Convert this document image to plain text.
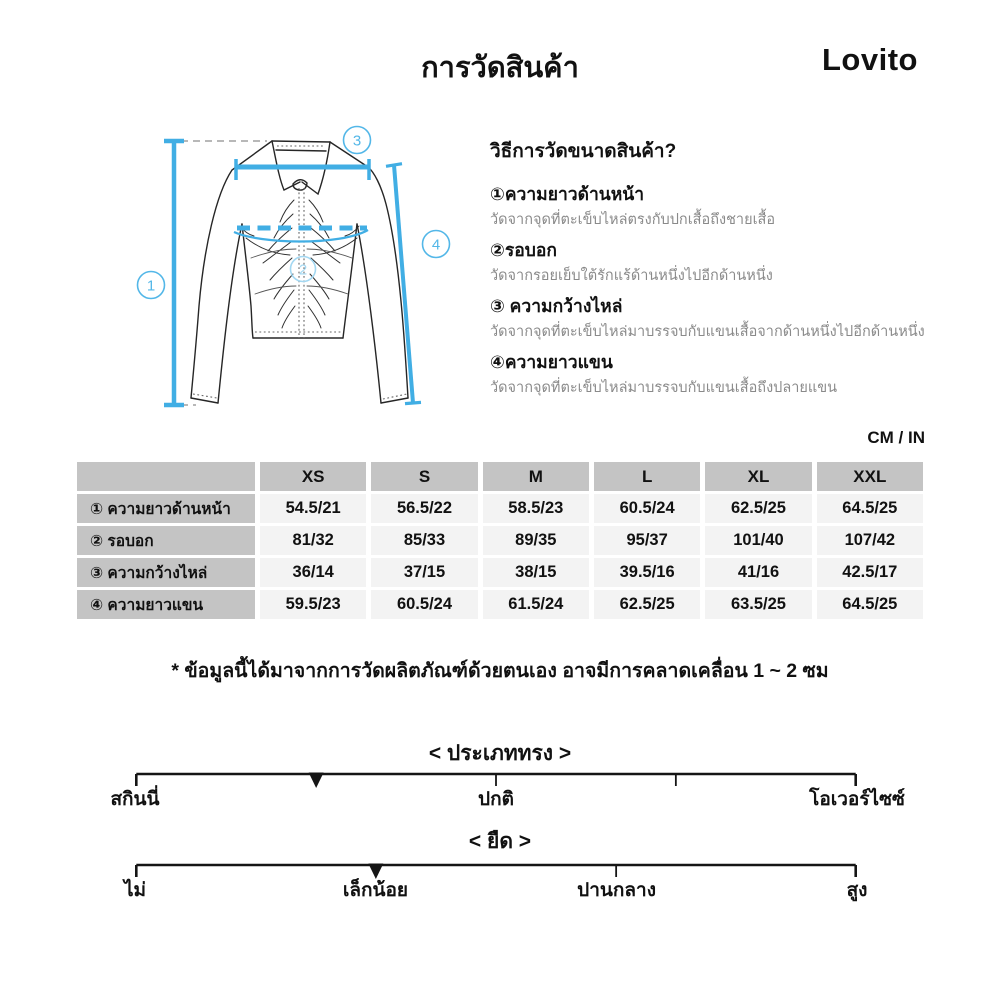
การวัดสินค้า	Lovito
1
2
3
4

วิธีการวัดขนาดสินค้า?

①ความยาวด้านหน้า

วัดจากจุดที่ตะเข็บไหล่ตรงกับปกเสื้อถึงชายเสื้อ

②รอบอก

วัดจากรอยเย็บใต้รักแร้ด้านหนึ่งไปอีกด้านหนึ่ง

③ ความกว้างไหล่

วัดจากจุดที่ตะเข็บไหล่มาบรรจบกับแขนเสื้อจากด้านหนึ่งไปอีกด้านหนึ่ง

④ความยาวแขน

วัดจากจุดที่ตะเข็บไหล่มาบรรจบกับแขนเสื้อถึงปลายแขน

CM / IN
	XS	S	M	L	XL	XXL
① ความยาวด้านหน้า	54.5/21	56.5/22	58.5/23	60.5/24	62.5/25	64.5/25
② รอบอก	81/32	85/33	89/35	95/37	101/40	107/42
③ ความกว้างไหล่	36/14	37/15	38/15	39.5/16	41/16	42.5/17
④ ความยาวแขน	59.5/23	60.5/24	61.5/24	62.5/25	63.5/25	64.5/25
* ข้อมูลนี้ได้มาจากการวัดผลิตภัณฑ์ด้วยตนเอง อาจมีการคลาดเคลื่อน 1 ~ 2 ซม
< ประเภททรง >
สกินนี่	ปกติ	โอเวอร์ไซซ์
< ยืด >
ไม่	เล็กน้อย	ปานกลาง	สูง
